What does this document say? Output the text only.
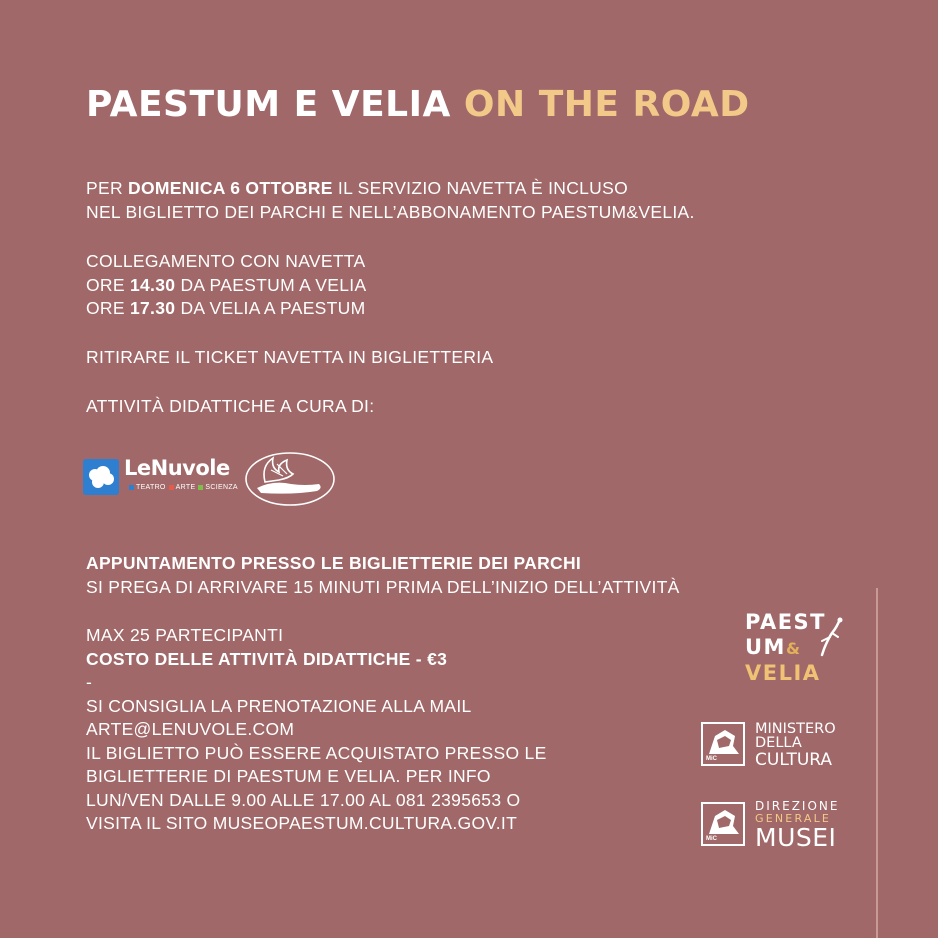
PAESTUM E VELIA ON THE ROAD

PER DOMENICA 6 OTTOBRE IL SERVIZIO NAVETTA È INCLUSO
NEL BIGLIETTO DEI PARCHI E NELL’ABBONAMENTO PAESTUM&VELIA.

COLLEGAMENTO CON NAVETTA
ORE 14.30 DA PAESTUM A VELIA
ORE 17.30 DA VELIA A PAESTUM

RITIRARE IL TICKET NAVETTA IN BIGLIETTERIA

ATTIVITÀ DIDATTICHE A CURA DI:

LeNuvole
TEATRO ARTE SCIENZA

APPUNTAMENTO PRESSO LE BIGLIETTERIE DEI PARCHI
SI PREGA DI ARRIVARE 15 MINUTI PRIMA DELL’INIZIO DELL’ATTIVITÀ

MAX 25 PARTECIPANTI
COSTO DELLE ATTIVITÀ DIDATTICHE - €3
-
SI CONSIGLIA LA PRENOTAZIONE ALLA MAIL
ARTE@LENUVOLE.COM
IL BIGLIETTO PUÒ ESSERE ACQUISTATO PRESSO LE
BIGLIETTERIE DI PAESTUM E VELIA. PER INFO
LUN/VEN DALLE 9.00 ALLE 17.00 AL 081 2395653 O
VISITA IL SITO MUSEOPAESTUM.CULTURA.GOV.IT

PAEST
UM&
VELIA
MiC
MINISTERO
DELLA
CULTURA
MiC
DIREZIONE
GENERALE
MUSEI
